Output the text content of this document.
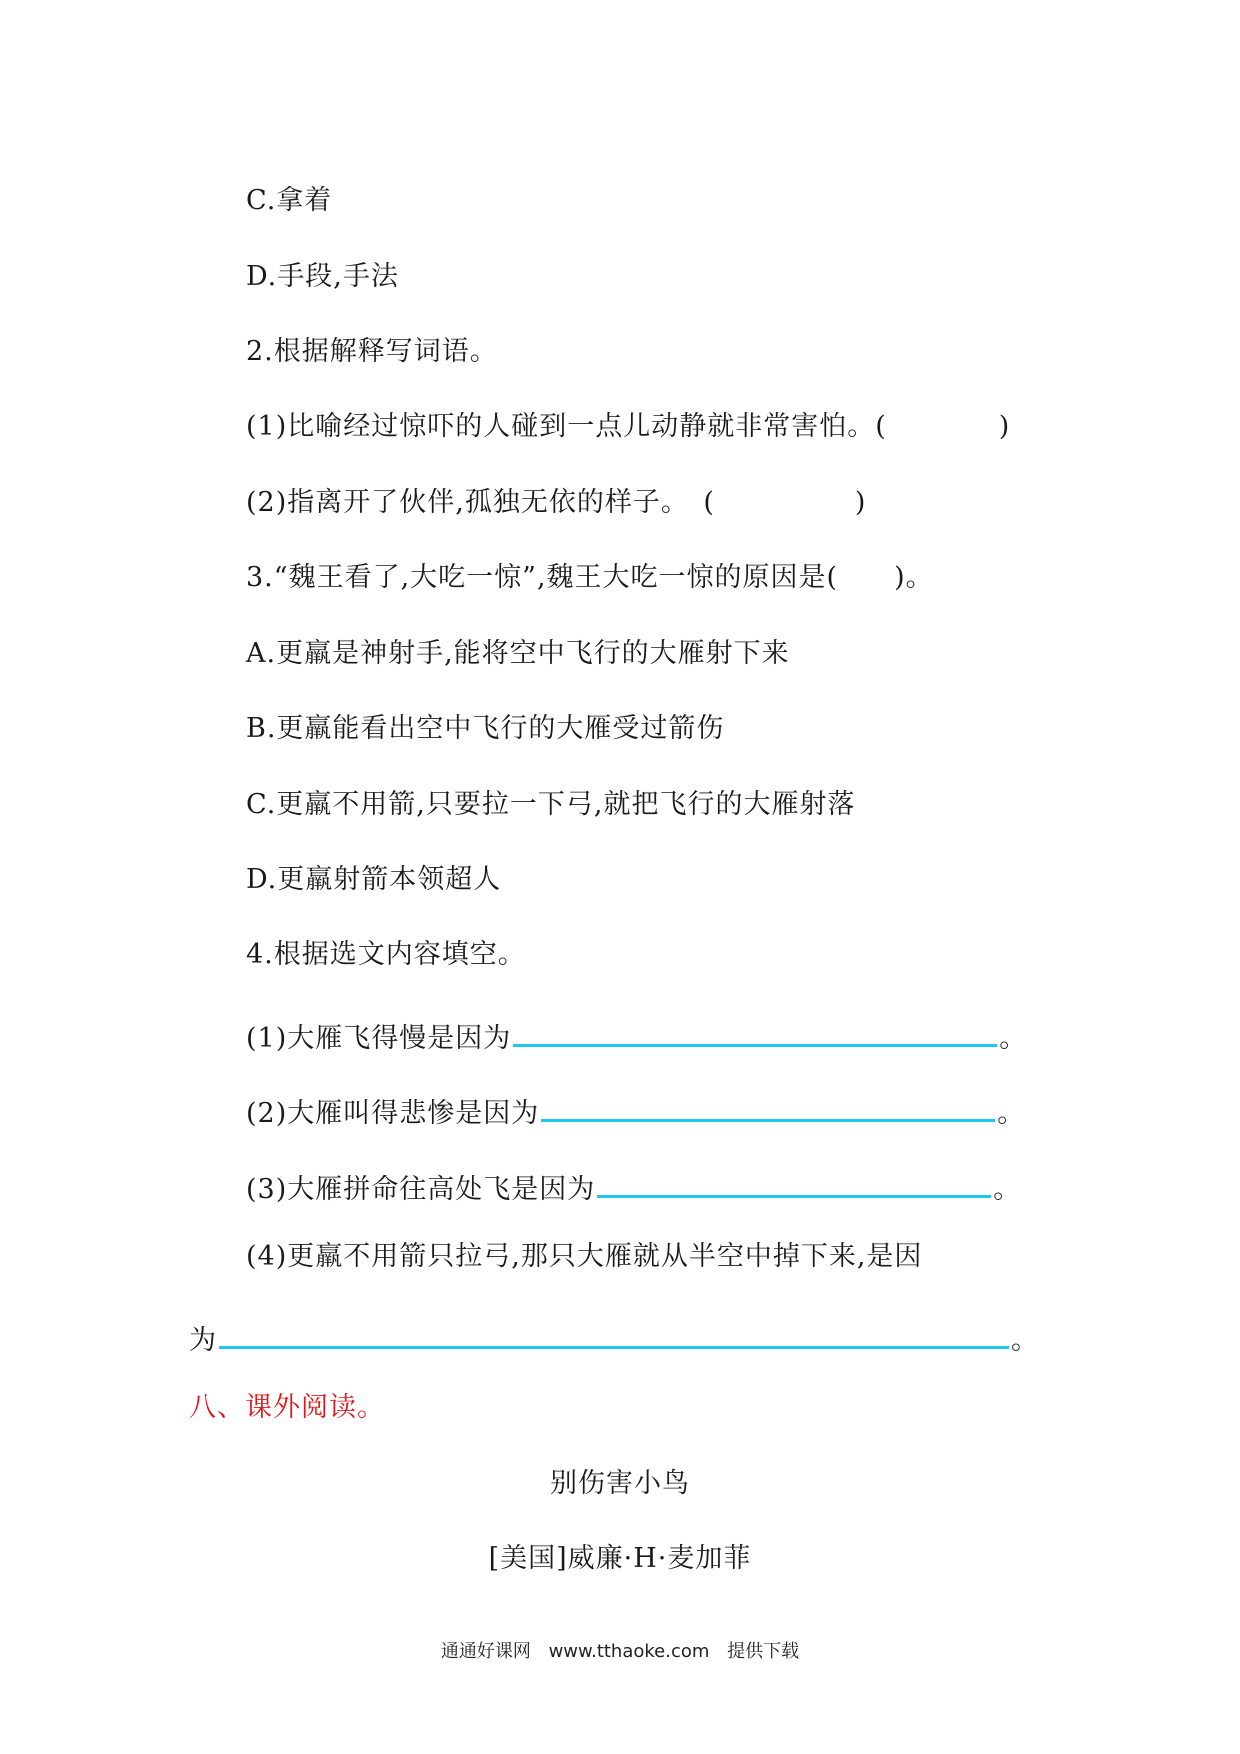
C.拿着
D.手段,手法
2.根据解释写词语。
(1)比喻经过惊吓的人碰到一点儿动静就非常害怕。(　　　　)
(2)指离开了伙伴,孤独无依的样子。　(　　　　　)
3.“魏王看了,大吃一惊”,魏王大吃一惊的原因是(　　)。
A.更羸是神射手,能将空中飞行的大雁射下来
B.更羸能看出空中飞行的大雁受过箭伤
C.更羸不用箭,只要拉一下弓,就把飞行的大雁射落
D.更羸射箭本领超人
4.根据选文内容填空。
(1)大雁飞得慢是因为	。
(2)大雁叫得悲惨是因为	。
(3)大雁拼命往高处飞是因为	。
(4)更羸不用箭只拉弓,那只大雁就从半空中掉下来,是因
为	。
八、课外阅读。
别伤害小鸟
[美国]威廉·H·麦加菲
通通好课网 www.tthaoke.com 提供下载
